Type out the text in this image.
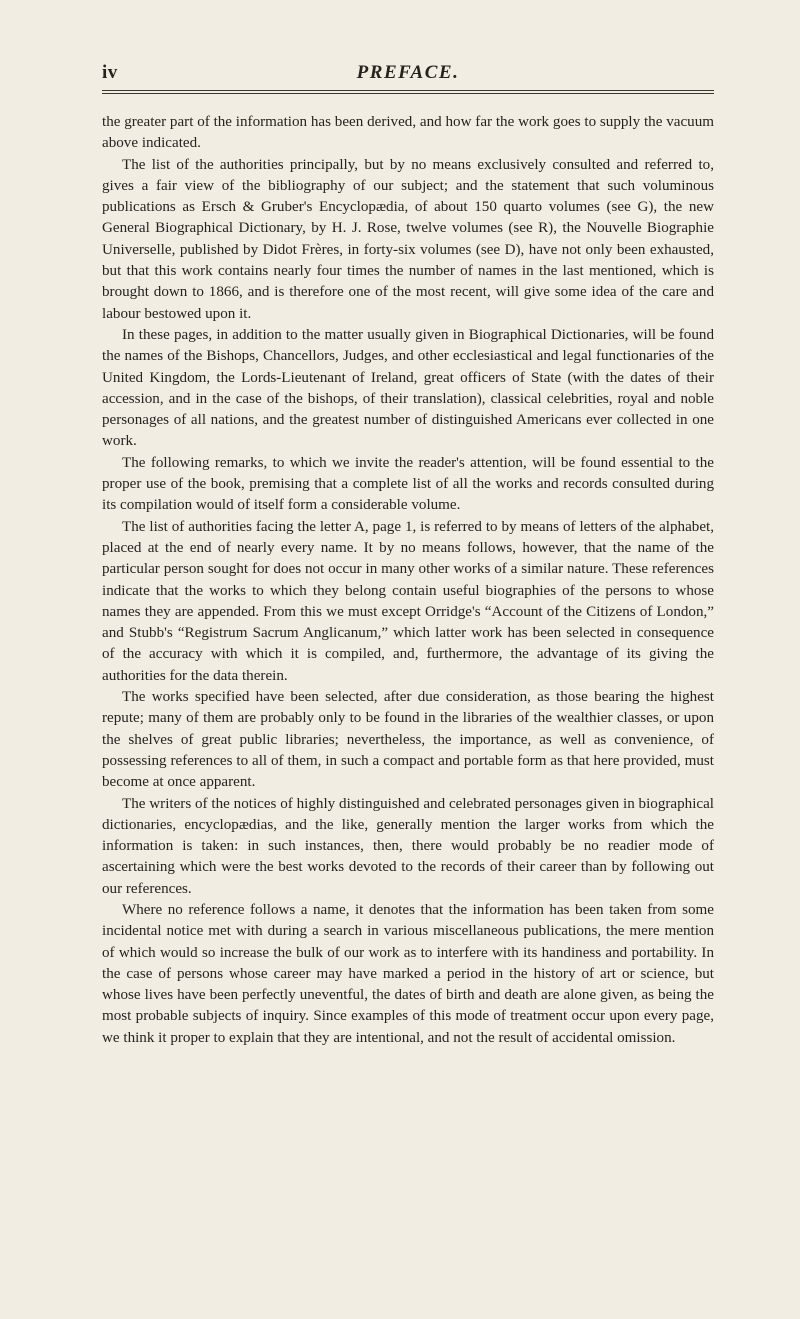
iv	PREFACE.

the greater part of the information has been derived, and how far the work goes to supply the vacuum above indicated.

The list of the authorities principally, but by no means exclusively consulted and referred to, gives a fair view of the bibliography of our subject; and the statement that such voluminous publications as Ersch & Gruber's Encyclopædia, of about 150 quarto volumes (see G), the new General Biographical Dictionary, by H. J. Rose, twelve volumes (see R), the Nouvelle Biographie Universelle, published by Didot Frères, in forty-six volumes (see D), have not only been exhausted, but that this work contains nearly four times the number of names in the last mentioned, which is brought down to 1866, and is therefore one of the most recent, will give some idea of the care and labour bestowed upon it.

In these pages, in addition to the matter usually given in Biographical Dictionaries, will be found the names of the Bishops, Chancellors, Judges, and other ecclesiastical and legal functionaries of the United Kingdom, the Lords-Lieutenant of Ireland, great officers of State (with the dates of their accession, and in the case of the bishops, of their translation), classical celebrities, royal and noble personages of all nations, and the greatest number of distinguished Americans ever collected in one work.

The following remarks, to which we invite the reader's attention, will be found essential to the proper use of the book, premising that a complete list of all the works and records consulted during its compilation would of itself form a considerable volume.

The list of authorities facing the letter A, page 1, is referred to by means of letters of the alphabet, placed at the end of nearly every name. It by no means follows, however, that the name of the particular person sought for does not occur in many other works of a similar nature. These references indicate that the works to which they belong contain useful biographies of the persons to whose names they are appended. From this we must except Orridge's “Account of the Citizens of London,” and Stubb's “Registrum Sacrum Anglicanum,” which latter work has been selected in consequence of the accuracy with which it is compiled, and, furthermore, the advantage of its giving the authorities for the data therein.

The works specified have been selected, after due consideration, as those bearing the highest repute; many of them are probably only to be found in the libraries of the wealthier classes, or upon the shelves of great public libraries; nevertheless, the importance, as well as convenience, of possessing references to all of them, in such a compact and portable form as that here provided, must become at once apparent.

The writers of the notices of highly distinguished and celebrated personages given in biographical dictionaries, encyclopædias, and the like, generally mention the larger works from which the information is taken: in such instances, then, there would probably be no readier mode of ascertaining which were the best works devoted to the records of their career than by following out our references.

Where no reference follows a name, it denotes that the information has been taken from some incidental notice met with during a search in various miscellaneous publications, the mere mention of which would so increase the bulk of our work as to interfere with its handiness and portability. In the case of persons whose career may have marked a period in the history of art or science, but whose lives have been perfectly uneventful, the dates of birth and death are alone given, as being the most probable subjects of inquiry. Since examples of this mode of treatment occur upon every page, we think it proper to explain that they are intentional, and not the result of accidental omission.
